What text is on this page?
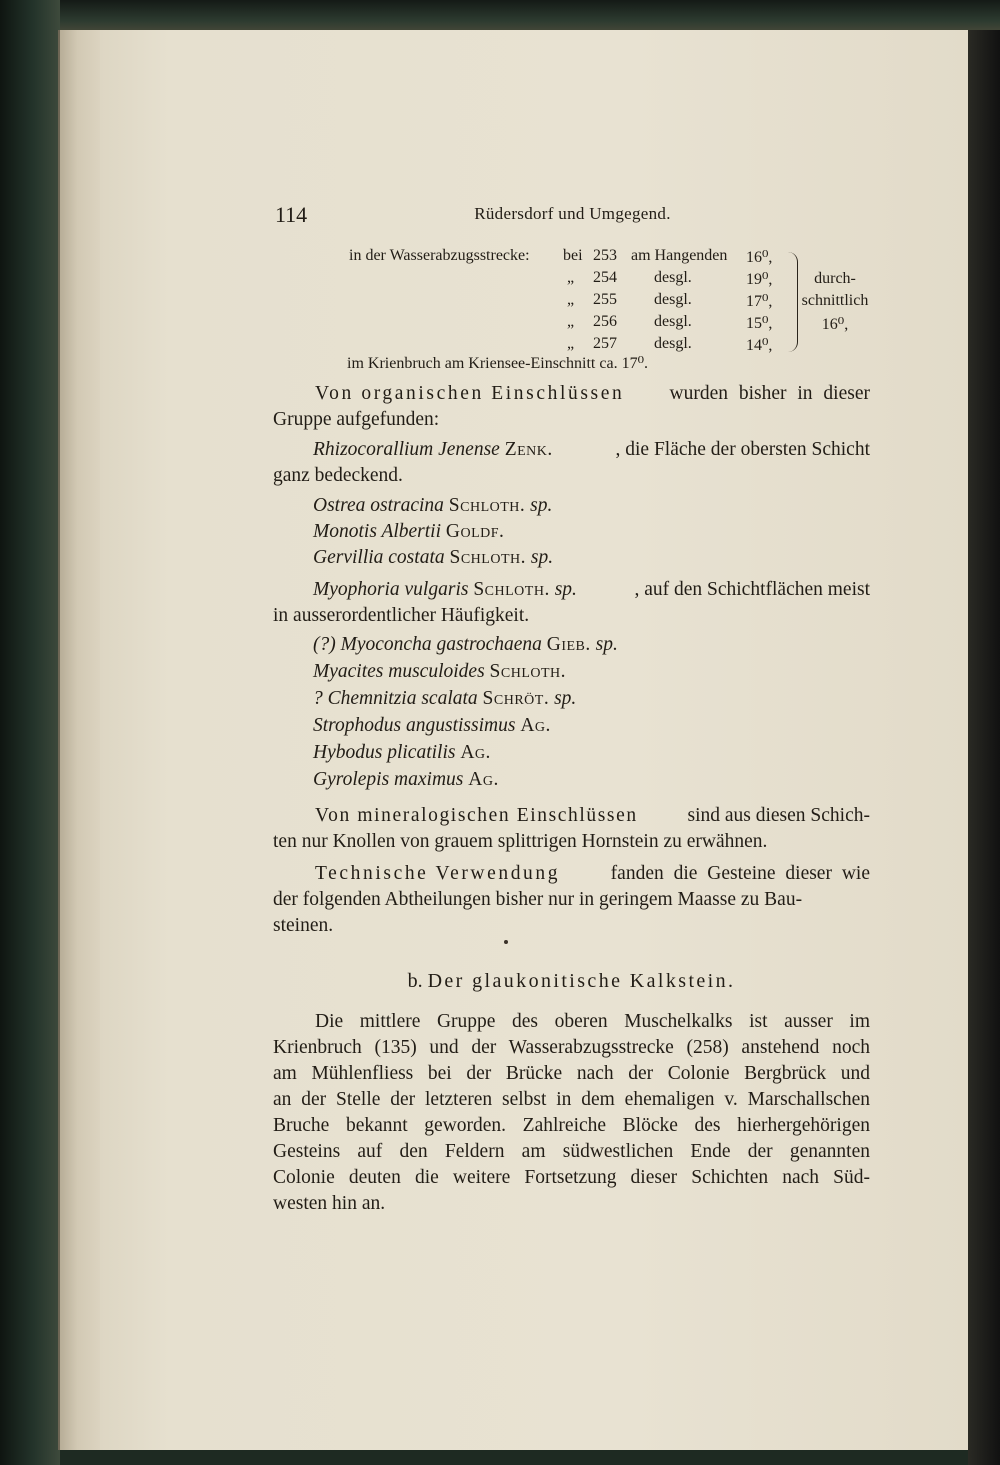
114	Rüdersdorf und Umgegend.
in der Wasserabzugsstrecke: bei 253 am Hangenden 16⁰,
„ 254 desgl.	19⁰,
„ 255 desgl.	17⁰,
„ 256 desgl.	15⁰,
„ 257 desgl.	14⁰,
im Krienbruch am Kriensee-Einschnitt ca. 17⁰.
durch-
schnittlich
16⁰,
Von organischen Einschlüssen wurden bisher in dieser
Gruppe aufgefunden:
Rhizocorallium Jenense Zenk.	, die Fläche der obersten Schicht
ganz bedeckend.
Ostrea ostracina Schloth. sp.
Monotis Albertii Goldf.
Gervillia costata Schloth. sp.
Myophoria vulgaris Schloth. sp.	, auf den Schichtflächen meist
in ausserordentlicher Häufigkeit.
(?) Myoconcha gastrochaena Gieb. sp.
Myacites musculoides Schloth.
? Chemnitzia scalata Schröt. sp.
Strophodus angustissimus Ag.
Hybodus plicatilis Ag.
Gyrolepis maximus Ag.
Von mineralogischen Einschlüssen	sind aus diesen Schich-
ten nur Knollen von grauem splittrigen Hornstein zu erwähnen.
Technische Verwendung	fanden die Gesteine dieser wie
der folgenden Abtheilungen bisher nur in geringem Maasse zu Bau-
steinen.
b. Der glaukonitische Kalkstein.
Die mittlere Gruppe des oberen Muschelkalks ist ausser im
Krienbruch (135) und der Wasserabzugsstrecke (258) anstehend noch
am Mühlenfliess bei der Brücke nach der Colonie Bergbrück und
an der Stelle der letzteren selbst in dem ehemaligen v. Marschallschen
Bruche bekannt geworden. Zahlreiche Blöcke des hierhergehörigen
Gesteins auf den Feldern am südwestlichen Ende der genannten
Colonie deuten die weitere Fortsetzung dieser Schichten nach Süd-
westen hin an.
